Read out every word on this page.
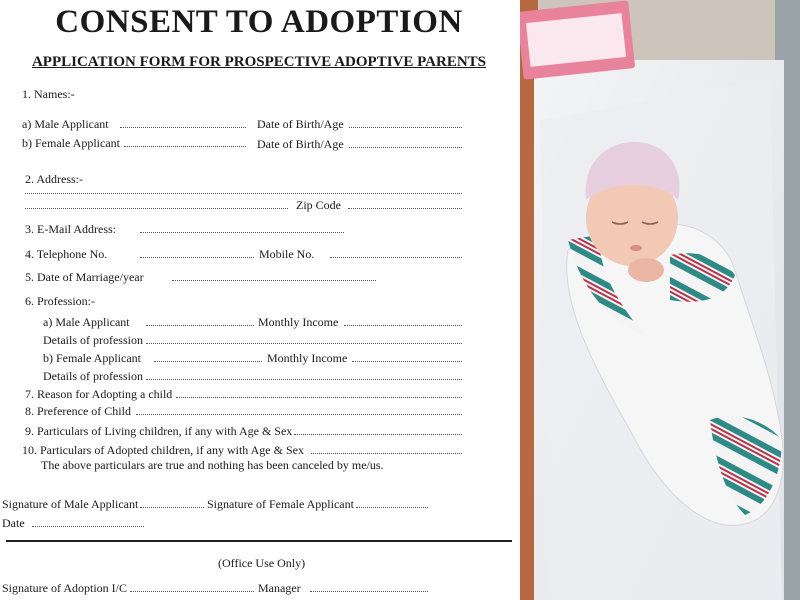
CONSENT TO ADOPTION
APPLICATION FORM FOR PROSPECTIVE ADOPTIVE PARENTS
1. Names:-
a) Male Applicant	Date of Birth/Age
b) Female Applicant	Date of Birth/Age
2. Address:-
Zip Code
3. E-Mail Address:
4. Telephone No.	Mobile No.
5. Date of Marriage/year
6. Profession:-
a) Male Applicant	Monthly Income
Details of profession
b) Female Applicant	Monthly Income
Details of profession
7. Reason for Adopting a child
8. Preference of Child
9. Particulars of Living children, if any with Age & Sex
10. Particulars of Adopted children, if any with Age & Sex
The above particulars are true and nothing has been canceled by me/us.
Signature of Male Applicant	Signature of Female Applicant
Date
(Office Use Only)
Signature of Adoption I/C	Manager
